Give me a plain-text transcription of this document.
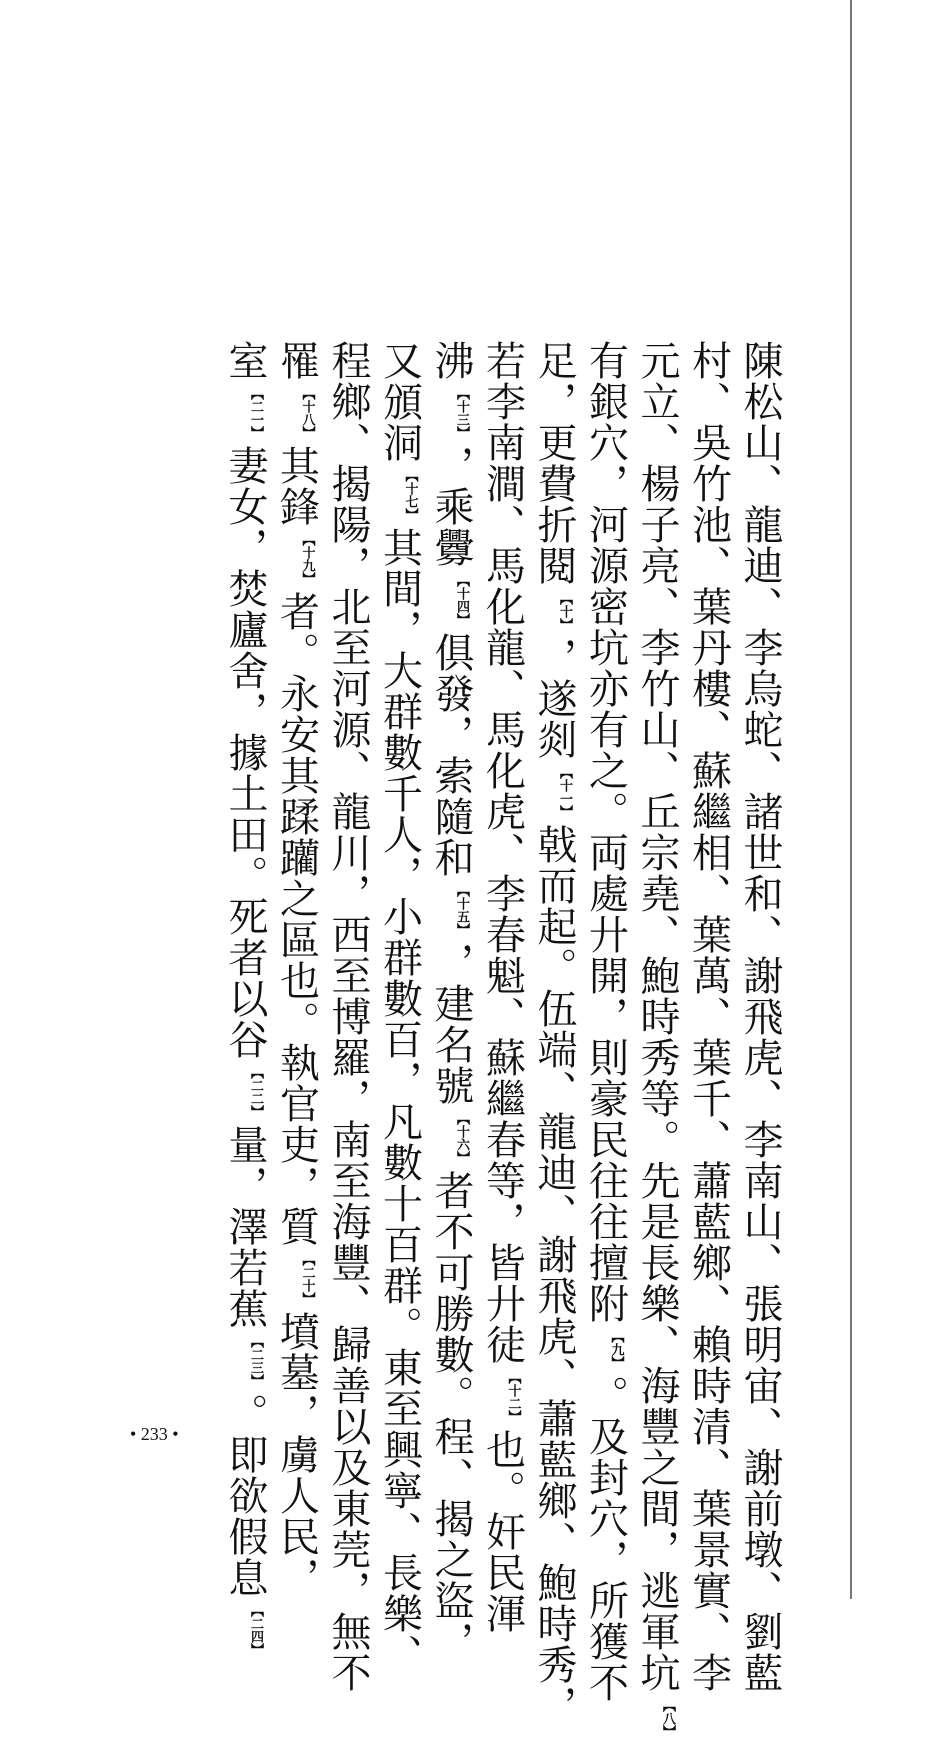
陳松山、龍迪、李烏蛇、諸世和、謝飛虎、李南山、張明宙、謝前墩、劉藍
村、吳竹池、葉丹樓、蘇繼相、葉萬、葉千、蕭藍鄉、賴時清、葉景實、李
元立、楊子亮、李竹山、丘宗堯、鮑時秀等。先是長樂、海豐之間，逃軍坑【八】
有銀穴，河源密坑亦有之。両處廾開，則豪民往往擅附【九】。及封穴，所獲不
足，更費折閱【十】，遂剡【十一】戟而起。伍端、龍迪、謝飛虎、蕭藍鄉、鮑時秀，
若李南澗、馬化龍、馬化虎、李春魁、蘇繼春等，皆廾徒【十二】也。奸民渾
沸【十三】，乘釁【十四】俱發，索隨和【十五】，建名號【十六】者不可勝數。程、揭之盜，
又頒洞【十七】其間，大群數千人，小群數百，凡數十百群。東至興寧、長樂、
程鄉、揭陽，北至河源、龍川，西至博羅，南至海豐、歸善以及東莞，無不
罹【十八】其鋒【十九】者。永安其蹂躪之區也。執官吏，質【二十】墳墓，虜人民，
室【二一】妻女，焚廬舍，據土田。死者以谷【二二】量，澤若蕉【二三】。即欲假息【二四】
• 233 •
